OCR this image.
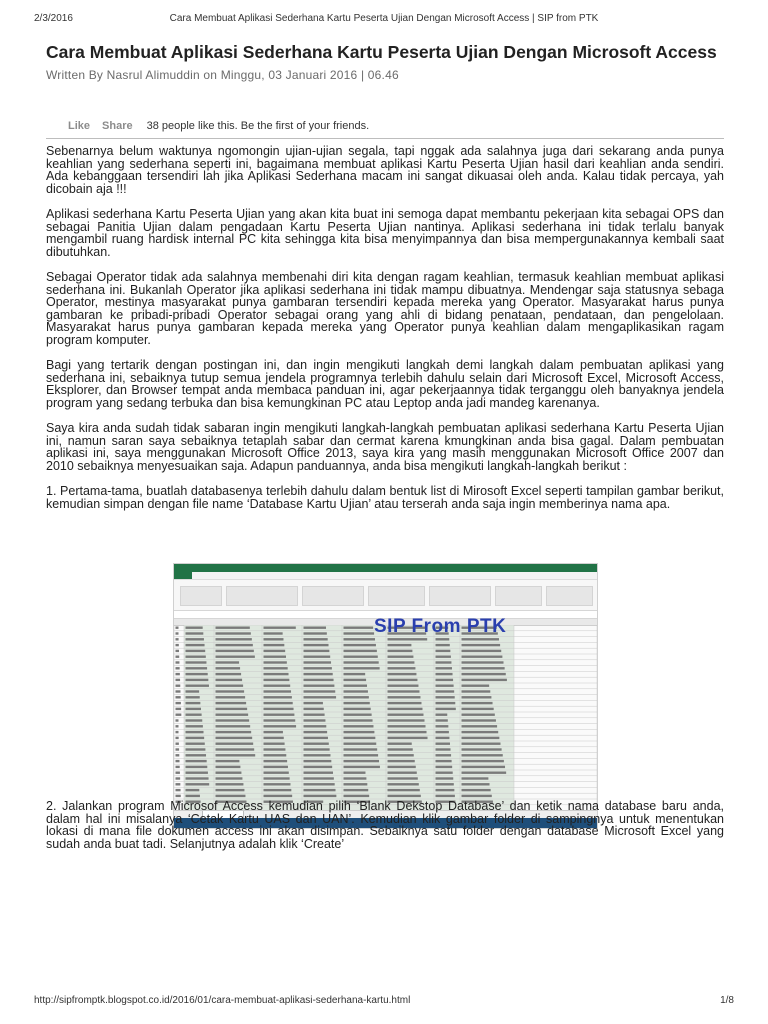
2/3/2016	Cara Membuat Aplikasi Sederhana Kartu Peserta Ujian Dengan Microsoft Access | SIP from PTK
Cara Membuat Aplikasi Sederhana Kartu Peserta Ujian Dengan Microsoft Access
Written By Nasrul Alimuddin on Minggu, 03 Januari 2016 | 06.46
Like Share 38 people like this. Be the first of your friends.

Sebenarnya belum waktunya ngomongin ujian-ujian segala, tapi nggak ada salahnya juga dari sekarang anda punya keahlian yang sederhana seperti ini, bagaimana membuat aplikasi Kartu Peserta Ujian hasil dari keahlian anda sendiri. Ada kebanggaan tersendiri lah jika Aplikasi Sederhana macam ini sangat dikuasai oleh anda. Kalau tidak percaya, yah dicobain aja !!!

Aplikasi sederhana Kartu Peserta Ujian yang akan kita buat ini semoga dapat membantu pekerjaan kita sebagai OPS dan sebagai Panitia Ujian dalam pengadaan Kartu Peserta Ujian nantinya. Aplikasi sederhana ini tidak terlalu banyak mengambil ruang hardisk internal PC kita sehingga kita bisa menyimpannya dan bisa mempergunakannya kembali saat dibutuhkan.

Sebagai Operator tidak ada salahnya membenahi diri kita dengan ragam keahlian, termasuk keahlian membuat aplikasi sederhana ini. Bukanlah Operator jika aplikasi sederhana ini tidak mampu dibuatnya. Mendengar saja statusnya sebaga Operator, mestinya masyarakat punya gambaran tersendiri kepada mereka yang Operator. Masyarakat harus punya gambaran ke pribadi-pribadi Operator sebagai orang yang ahli di bidang penataan, pendataan, dan pengelolaan. Masyarakat harus punya gambaran kepada mereka yang Operator punya keahlian dalam mengaplikasikan ragam program komputer.

Bagi yang tertarik dengan postingan ini, dan ingin mengikuti langkah demi langkah dalam pembuatan aplikasi yang sederhana ini, sebaiknya tutup semua jendela programnya terlebih dahulu selain dari Microsoft Excel, Microsoft Access, Eksplorer, dan Browser tempat anda membaca panduan ini, agar pekerjaannya tidak terganggu oleh banyaknya jendela program yang sedang terbuka dan bisa kemungkinan PC atau Leptop anda jadi mandeg karenanya.

Saya kira anda sudah tidak sabaran ingin mengikuti langkah-langkah pembuatan aplikasi sederhana Kartu Peserta Ujian ini, namun saran saya sebaiknya tetaplah sabar dan cermat karena kmungkinan anda bisa gagal. Dalam pembuatan aplikasi ini, saya menggunakan Microsoft Office 2013, saya kira yang masih menggunakan Microsoft Office 2007 dan 2010 sebaiknya menyesuaikan saja. Adapun panduannya, anda bisa mengikuti langkah-langkah berikut :

1. Pertama-tama, buatlah databasenya terlebih dahulu dalam bentuk list di Mirosoft Excel seperti tampilan gambar berikut, kemudian simpan dengan file name ‘Database Kartu Ujian’ atau terserah anda saja ingin memberinya nama apa.

SIP From PTK

2. Jalankan program Microsof Access kemudian pilih ‘Blank Dekstop Database’ dan ketik nama database baru anda, dalam hal ini misalanya ‘Cetak Kartu UAS dan UAN’. Kemudian klik gambar folder di sampingnya untuk menentukan lokasi di mana file dokumen access ini akan disimpan. Sebaiknya satu folder dengan database Microsoft Excel yang sudah anda buat tadi. Selanjutnya adalah klik ‘Create’

http://sipfromptk.blogspot.co.id/2016/01/cara-membuat-aplikasi-sederhana-kartu.html	1/8
